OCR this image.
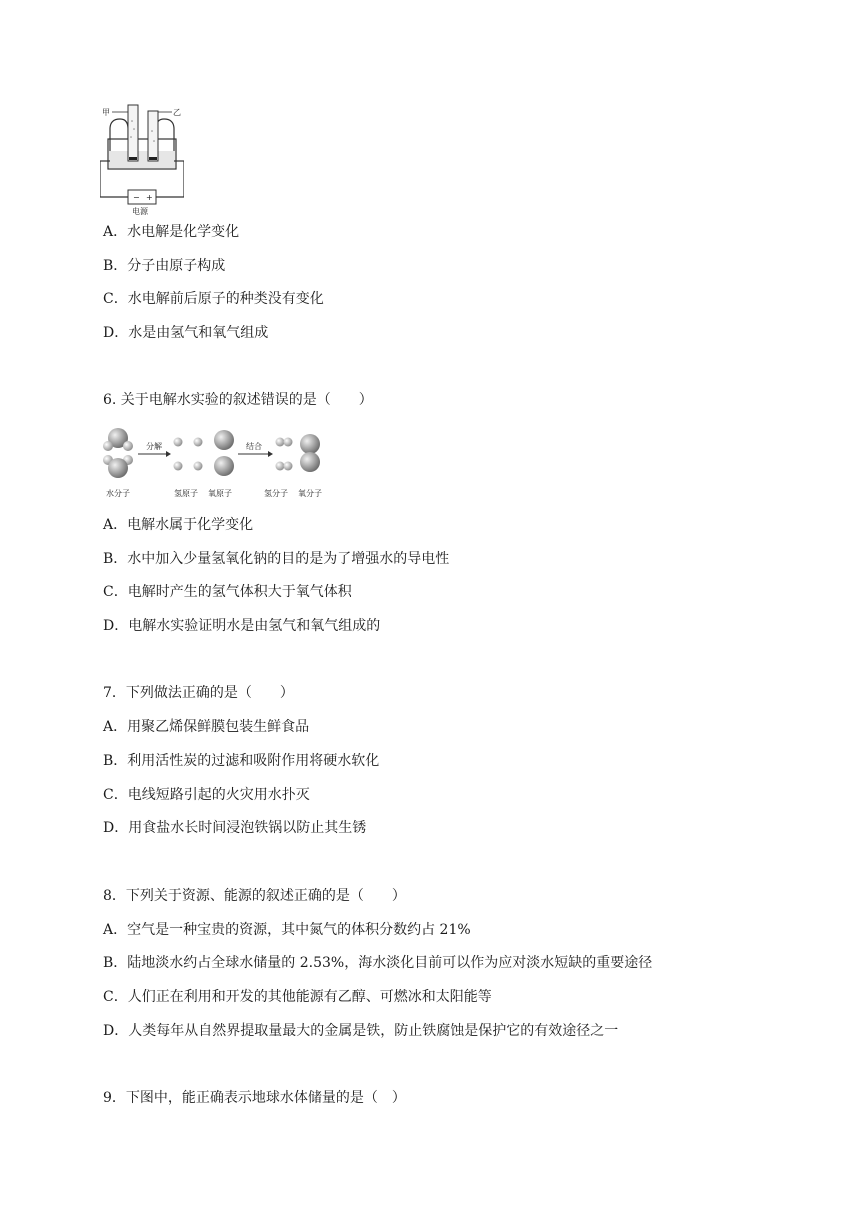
− +
电源
甲	乙
A．水电解是化学变化
B．分子由原子构成
C．水电解前后原子的种类没有变化
D．水是由氢气和氧气组成
6. 关于电解水实验的叙述错误的是（　　）
分解	结合
水分子	氢原子 氧原子	氢分子 氧分子
A．电解水属于化学变化
B．水中加入少量氢氧化钠的目的是为了增强水的导电性
C．电解时产生的氢气体积大于氧气体积
D．电解水实验证明水是由氢气和氧气组成的
7．下列做法正确的是（　　）
A．用聚乙烯保鲜膜包装生鲜食品
B．利用活性炭的过滤和吸附作用将硬水软化
C．电线短路引起的火灾用水扑灭
D．用食盐水长时间浸泡铁锅以防止其生锈
8．下列关于资源、能源的叙述正确的是（　　）
A．空气是一种宝贵的资源，其中氮气的体积分数约占 21%
B．陆地淡水约占全球水储量的 2.53%，海水淡化目前可以作为应对淡水短缺的重要途径
C．人们正在利用和开发的其他能源有乙醇、可燃冰和太阳能等
D．人类每年从自然界提取量最大的金属是铁，防止铁腐蚀是保护它的有效途径之一
9．下图中，能正确表示地球水体储量的是（　）
